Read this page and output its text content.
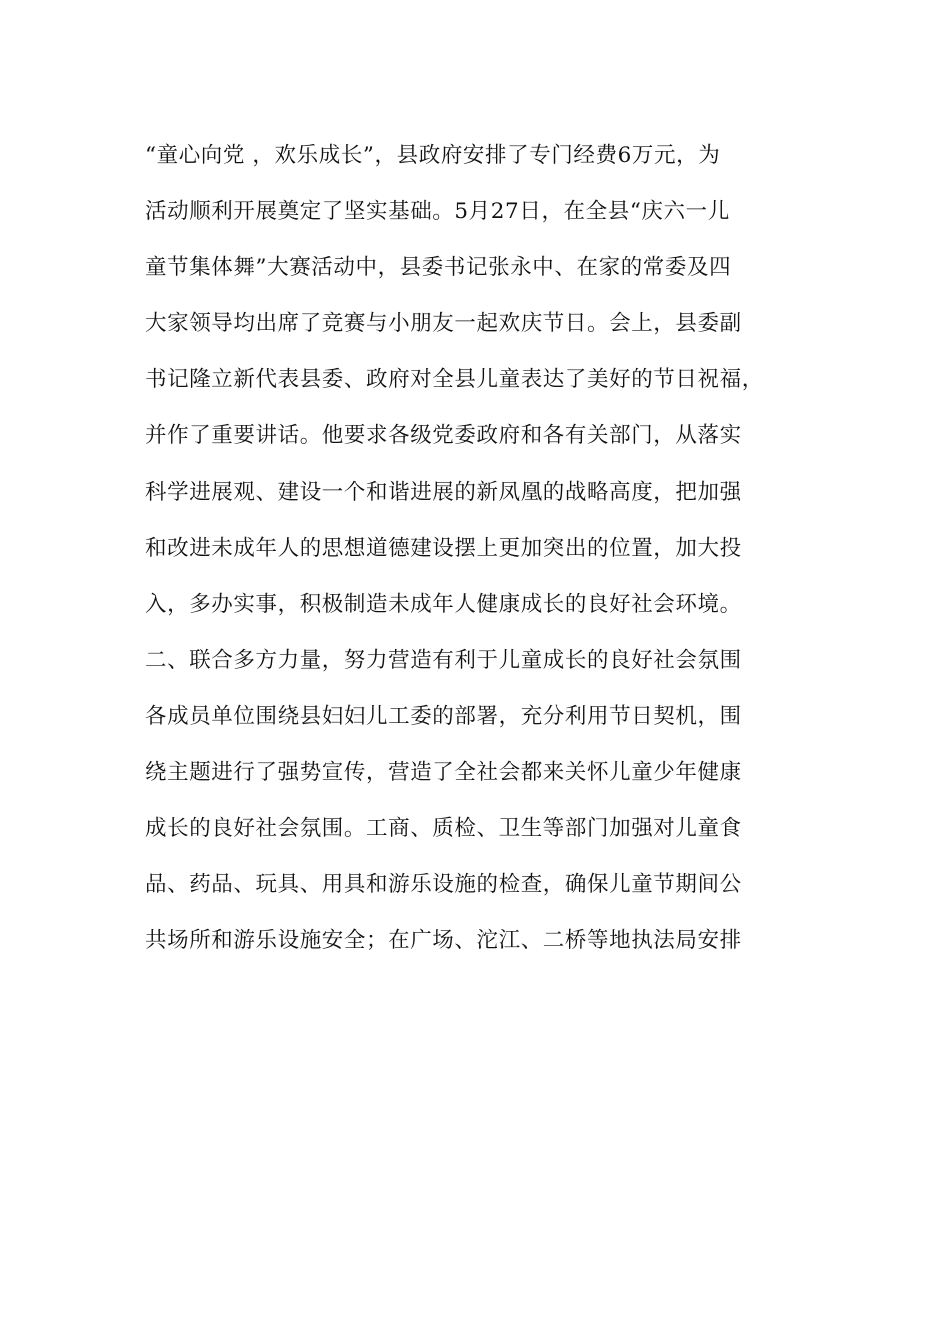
“童心向党 ，欢乐成长”，县政府安排了专门经费6万元，为
活动顺利开展奠定了坚实基础。5月27日，在全县“庆六一儿
童节集体舞”大赛活动中，县委书记张永中、在家的常委及四
大家领导均出席了竞赛与小朋友一起欢庆节日。会上，县委副
书记隆立新代表县委、政府对全县儿童表达了美好的节日祝福，
并作了重要讲话。他要求各级党委政府和各有关部门，从落实
科学进展观、建设一个和谐进展的新凤凰的战略高度，把加强
和改进未成年人的思想道德建设摆上更加突出的位置，加大投
入，多办实事，积极制造未成年人健康成长的良好社会环境。
二、联合多方力量，努力营造有利于儿童成长的良好社会氛围
各成员单位围绕县妇妇儿工委的部署，充分利用节日契机，围
绕主题进行了强势宣传，营造了全社会都来关怀儿童少年健康
成长的良好社会氛围。工商、质检、卫生等部门加强对儿童食
品、药品、玩具、用具和游乐设施的检查，确保儿童节期间公
共场所和游乐设施安全；在广场、沱江、二桥等地执法局安排
